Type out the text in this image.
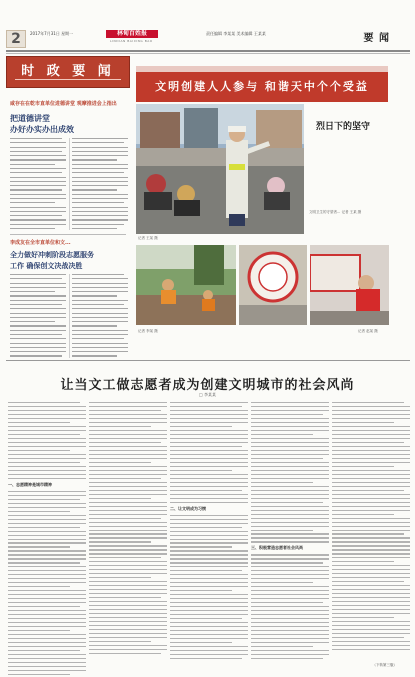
2	2017年7月31日 星期一	林甸百姓报
LINDIAN BAIXING BAO
责任编辑 李某某 美术编辑 王某某	要 闻
时 政 要 闻
咸存在在乾市直单位进德讲堂 观摩推进会上指出
把道德讲堂
办好办实办出成效
李成友在全市直单位和文...
全力做好冲刺阶段志愿服务
工作 确保创文决战决胜
文明创建人人参与 和谐天中个个受益
记者 王某 摄
烈日下的坚守
文明卫生的守望者... 记者 王某 摄
记者 李某 摄	记者 赵某 摄
让当文工做志愿者成为创建文明城市的社会风尚
□ 李某某
一、志愿精神是城市精神
二、让文明成为习惯
三、积极营造志愿者社会风尚
（下转第三版）
